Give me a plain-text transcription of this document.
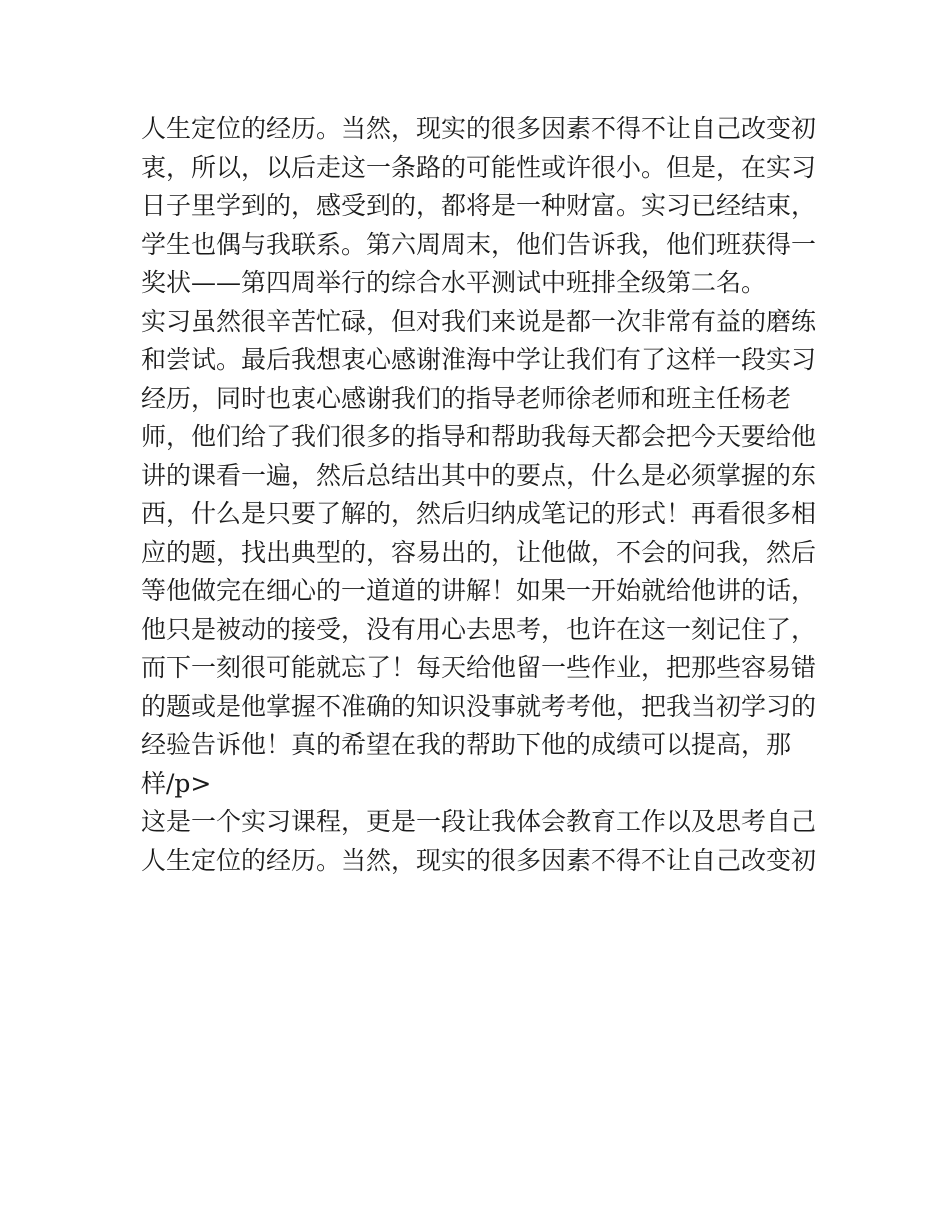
人生定位的经历。当然，现实的很多因素不得不让自己改变初
衷，所以，以后走这一条路的可能性或许很小。但是，在实习
日子里学到的，感受到的，都将是一种财富。实习已经结束，
学生也偶与我联系。第六周周末，他们告诉我，他们班获得一
奖状——第四周举行的综合水平测试中班排全级第二名。
实习虽然很辛苦忙碌，但对我们来说是都一次非常有益的磨练
和尝试。最后我想衷心感谢淮海中学让我们有了这样一段实习
经历，同时也衷心感谢我们的指导老师徐老师和班主任杨老
师，他们给了我们很多的指导和帮助我每天都会把今天要给他
讲的课看一遍，然后总结出其中的要点，什么是必须掌握的东
西，什么是只要了解的，然后归纳成笔记的形式！再看很多相
应的题，找出典型的，容易出的，让他做，不会的问我，然后
等他做完在细心的一道道的讲解！如果一开始就给他讲的话，
他只是被动的接受，没有用心去思考，也许在这一刻记住了，
而下一刻很可能就忘了！每天给他留一些作业，把那些容易错
的题或是他掌握不准确的知识没事就考考他，把我当初学习的
经验告诉他！真的希望在我的帮助下他的成绩可以提高，那
样/p>
这是一个实习课程，更是一段让我体会教育工作以及思考自己
人生定位的经历。当然，现实的很多因素不得不让自己改变初
